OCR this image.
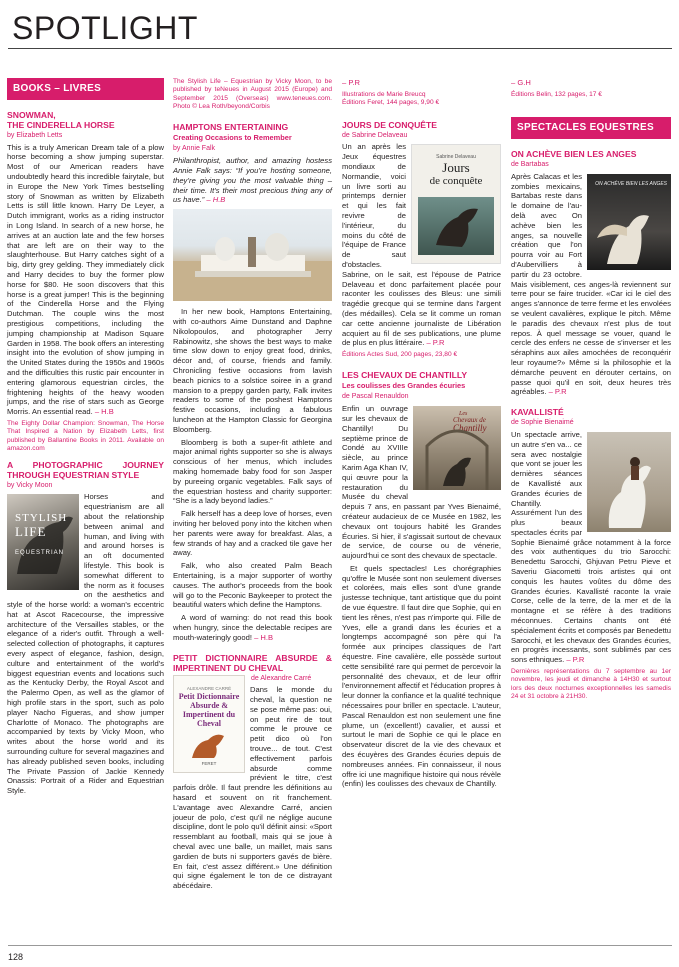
SPOTLIGHT
BOOKS – LIVRES
SNOWMAN,
THE CINDERELLA HORSE
by Elizabeth Letts

This is a truly American Dream tale of a plow horse becoming a show jumping superstar. Most of our American readers have undoubtedly heard this incredible fairytale, but in Europe the New York Times bestselling story of Snowman as written by Elizabeth Letts is still little known. Harry De Leyer, a Dutch immigrant, works as a riding instructor in Long Island. In search of a new horse, he arrives at an auction late and the few horses that are left are on their way to the slaughterhouse. But Harry catches sight of a big, dirty grey gelding. They immediately click and Harry decides to buy the former plow horse for $80. He soon discovers that this horse is a great jumper! This is the beginning of the Cinderella Horse and the Flying Dutchman. The couple wins the most prestigious competitions, including the jumping championship at Madison Square Garden in 1958. The book offers an interesting insight into the evolution of show jumping in the United States during the 1950s and 1960s and the difficulties this rustic pair encounter in entering glamorous equestrian circles, the frightening heights of the heavy wooden jumps, and the rise of stars such as George Morris. An essential read. – H.B

The Eighty Dollar Champion: Snowman, The Horse That Inspired a Nation by Elizabeth Letts, first published by Ballantine Books in 2011. Available on amazon.com
A PHOTOGRAPHIC JOURNEY THROUGH EQUESTRIAN STYLE
by Vicky Moon

STYLISH
LIFE
EQUESTRIAN
Horses and equestrianism are all about the relationship between animal and human, and living with and around horses is an oft documented lifestyle. This book is somewhat different to the norm as it focuses on the aesthetics and style of the horse world: a woman's eccentric hat at Ascot Racecourse, the impressive architecture of the Versailles stables, or the elegance of a rider's outfit. Through a well-selected collection of photographs, it captures every aspect of elegance, fashion, design, culture and entertainment of the world's biggest equestrian events and locations such as the Kentucky Derby, the Royal Ascot and the Palermo Open, as well as the glamor of high profile stars in the sport, such as polo player Nacho Figueras, and show jumper Charlotte of Monaco. The photographs are accompanied by texts by Vicky Moon, who writes about the horse world and its surrounding culture for several magazines and has already published seven books, including The Private Passion of Jackie Kennedy Onassis: Portrait of a Rider and Equestrian Style.

The Stylish Life – Equestrian by Vicky Moon, to be published by teNeues in August 2015 (Europe) and September 2015 (Overseas) www.teneues.com. Photo © Lea Roth/beyond/Corbis
HAMPTONS ENTERTAINING
Creating Occasions to Remember
by Annie Falk

Philanthropist, author, and amazing hostess Annie Falk says: “If you’re hosting someone, they’re giving you the most valuable thing –their time. It’s their most precious thing any of us have.” – H.B

In her new book, Hamptons Entertaining, with co-authors Aime Dunstand and Daphne Nikolopoulos, and photographer Jerry Rabinowitz, she shows the best ways to make time slow down to enjoy great food, drinks, décor and, of course, friends and family. Chronicling festive occasions from lavish beach picnics to a solstice soiree in a grand mansion to a preppy garden party, Falk invites readers to some of the poshest Hamptons festive occasions, including a fabulous luncheon at the Hampton Classic for Georgina Bloomberg.

Bloomberg is both a super-fit athlete and major animal rights supporter so she is always conscious of her menus, which includes making homemade baby food for son Jasper by pureeing organic vegetables. Falk says of the equestrian hostess and charity supporter: “She is a lady beyond ladies.”

Falk herself has a deep love of horses, even inviting her beloved pony into the kitchen when her parents were away for breakfast. Alas, a few strands of hay and a cracked tile gave her away.

Falk, who also created Palm Beach Entertaining, is a major supporter of worthy causes. The author's proceeds from the book will go to the Peconic Baykeeper to protect the beautiful waters which define the Hamptons.

A word of warning: do not read this book when hungry, since the delectable recipes are mouth-wateringly good! – H.B

PETIT DICTIONNAIRE ABSURDE & IMPERTINENT DU CHEVAL
de Alexandre Carré

ALEXANDRE CARRÉ
Petit Dictionnaire Absurde & Impertinent du Cheval
FERET
Dans le monde du cheval, la question ne se pose même pas: oui, on peut rire de tout comme le prouve ce petit dico où l'on trouve... de tout. C'est effectivement parfois absurde comme prévient le titre, c'est parfois drôle. Il faut prendre les définitions au hasard et souvent on rit franchement. L'avantage avec Alexandre Carré, ancien joueur de polo, c'est qu'il ne néglige aucune discipline, dont le polo qu'il définit ainsi: «Sport ressemblant au football, mais qui se joue à cheval avec une balle, un maillet, mais sans gardien de buts ni supporters gavés de bière. En fait, c'est assez différent.» Une définition qui signe également le ton de ce distrayant abécédaire.

– P.R

Illustrations de Marie Breucq
Éditions Feret, 144 pages, 9,90 €
JOURS DE CONQUÊTE
de Sabrine Delaveau

Sabrine Delaveau
Jours
de conquête
Un an après les Jeux équestres mondiaux de Normandie, voici un livre sorti au printemps dernier et qui les fait revivre de l'intérieur, du moins du côté de l'équipe de France de saut d'obstacles. Sabrine, on le sait, est l'épouse de Patrice Delaveau et donc parfaitement placée pour raconter les coulisses des Bleus: une simili tragédie grecque qui se termine dans l'argent (des médailles). Cela se lit comme un roman car cette ancienne journaliste de Libération acquiert au fil de ses publications, une plume de plus en plus littéraire. – P.R

Éditions Actes Sud, 200 pages, 23,80 €
LES CHEVAUX DE CHANTILLY
Les coulisses des Grandes écuries
de Pascal Renauldon

Les
Chevaux de
Chantilly
Enfin un ouvrage sur les chevaux de Chantilly! Du septième prince de Condé au XVIIIe siècle, au prince Karim Aga Khan IV, qui œuvre pour la restauration du Musée du cheval depuis 7 ans, en passant par Yves Bienaimé, créateur audacieux de ce Musée en 1982, les chevaux ont toujours habité les Grandes Écuries. Si hier, il s'agissait surtout de chevaux de service, de course ou de vénerie, aujourd'hui ce sont des chevaux de spectacle.

Et quels spectacles! Les chorégraphies qu'offre le Musée sont non seulement diverses et colorées, mais elles sont d'une grande justesse technique, tant artistique que du point de vue équestre. Il faut dire que Sophie, qui en tient les rênes, n'est pas n'importe qui. Fille de Yves, elle a grandi dans les écuries et a longtemps accompagné son père qui l'a formée aux principes classiques de l'art équestre. Fine cavalière, elle possède surtout cette sensibilité rare qui permet de percevoir la personnalité des chevaux, et de leur offrir l'environnement affectif et l'éducation propres à leur donner la confiance et la qualité technique nécessaires pour briller en spectacle. L'auteur, Pascal Renauldon est non seulement une fine plume, un (excellent!) cavalier, et aussi et surtout le mari de Sophie ce qui le place en observateur discret de la vie des chevaux et des écuyères des Grandes écuries depuis de nombreuses années. Fin connaisseur, il nous offre ici une magnifique histoire qui nous révèle (enfin) les coulisses des chevaux de Chantilly.

– G.H

Éditions Belin, 132 pages, 17 €
SPECTACLES EQUESTRES
ON ACHÈVE BIEN LES ANGES
de Bartabas

ON ACHÈVE BIEN LES ANGES
Après Calacas et les zombies mexicains, Bartabas reste dans le domaine de l'au-delà avec On achève bien les anges, sa nouvelle création que l'on pourra voir au Fort d'Aubervilliers à partir du 23 octobre. Mais visiblement, ces anges-là reviennent sur terre pour se faire trucider. «Car ici le ciel des anges s'annonce de terre ferme et les envolées se veulent cavalières, explique le pitch. Même le paradis des chevaux n'est plus de tout repos. À quel message se vouer, quand le cercle des enfers ne cesse de s'inverser et les séraphins aux ailes amochées de reconquérir leur royaume?» Même si la philosophie et la démarche peuvent en dérouter certains, on passe quoi qu'il en soit, deux heures très agréables. – P.R

KAVALLISTÉ
de Sophie Bienaimé

Un spectacle arrive, un autre s'en va... ce sera avec nostalgie que vont se jouer les dernières séances de Kavallisté aux Grandes écuries de Chantilly. Assurément l'un des plus beaux spectacles écrits par Sophie Bienaimé grâce notamment à la force des voix authentiques du trio Sarocchi: Benedettu Sarocchi, Ghjuvan Petru Pieve et Saveriu Giacometti trois artistes qui ont conquis les hautes voûtes du dôme des Grandes écuries. Kavallisté raconte la vraie Corse, celle de la terre, de la mer et de la montagne et se réfère à des traditions méconnues. Certains chants ont été spécialement écrits et composés par Benedettu Sarocchi, et les chevaux des Grandes écuries, en progrès incessants, sont sublimés par ces sons ethniques. – P.R

Dernières représentations du 7 septembre au 1er novembre, les jeudi et dimanche à 14H30 et surtout lors des deux nocturnes exceptionnelles les samedis 24 et 31 octobre à 21H30.
128
